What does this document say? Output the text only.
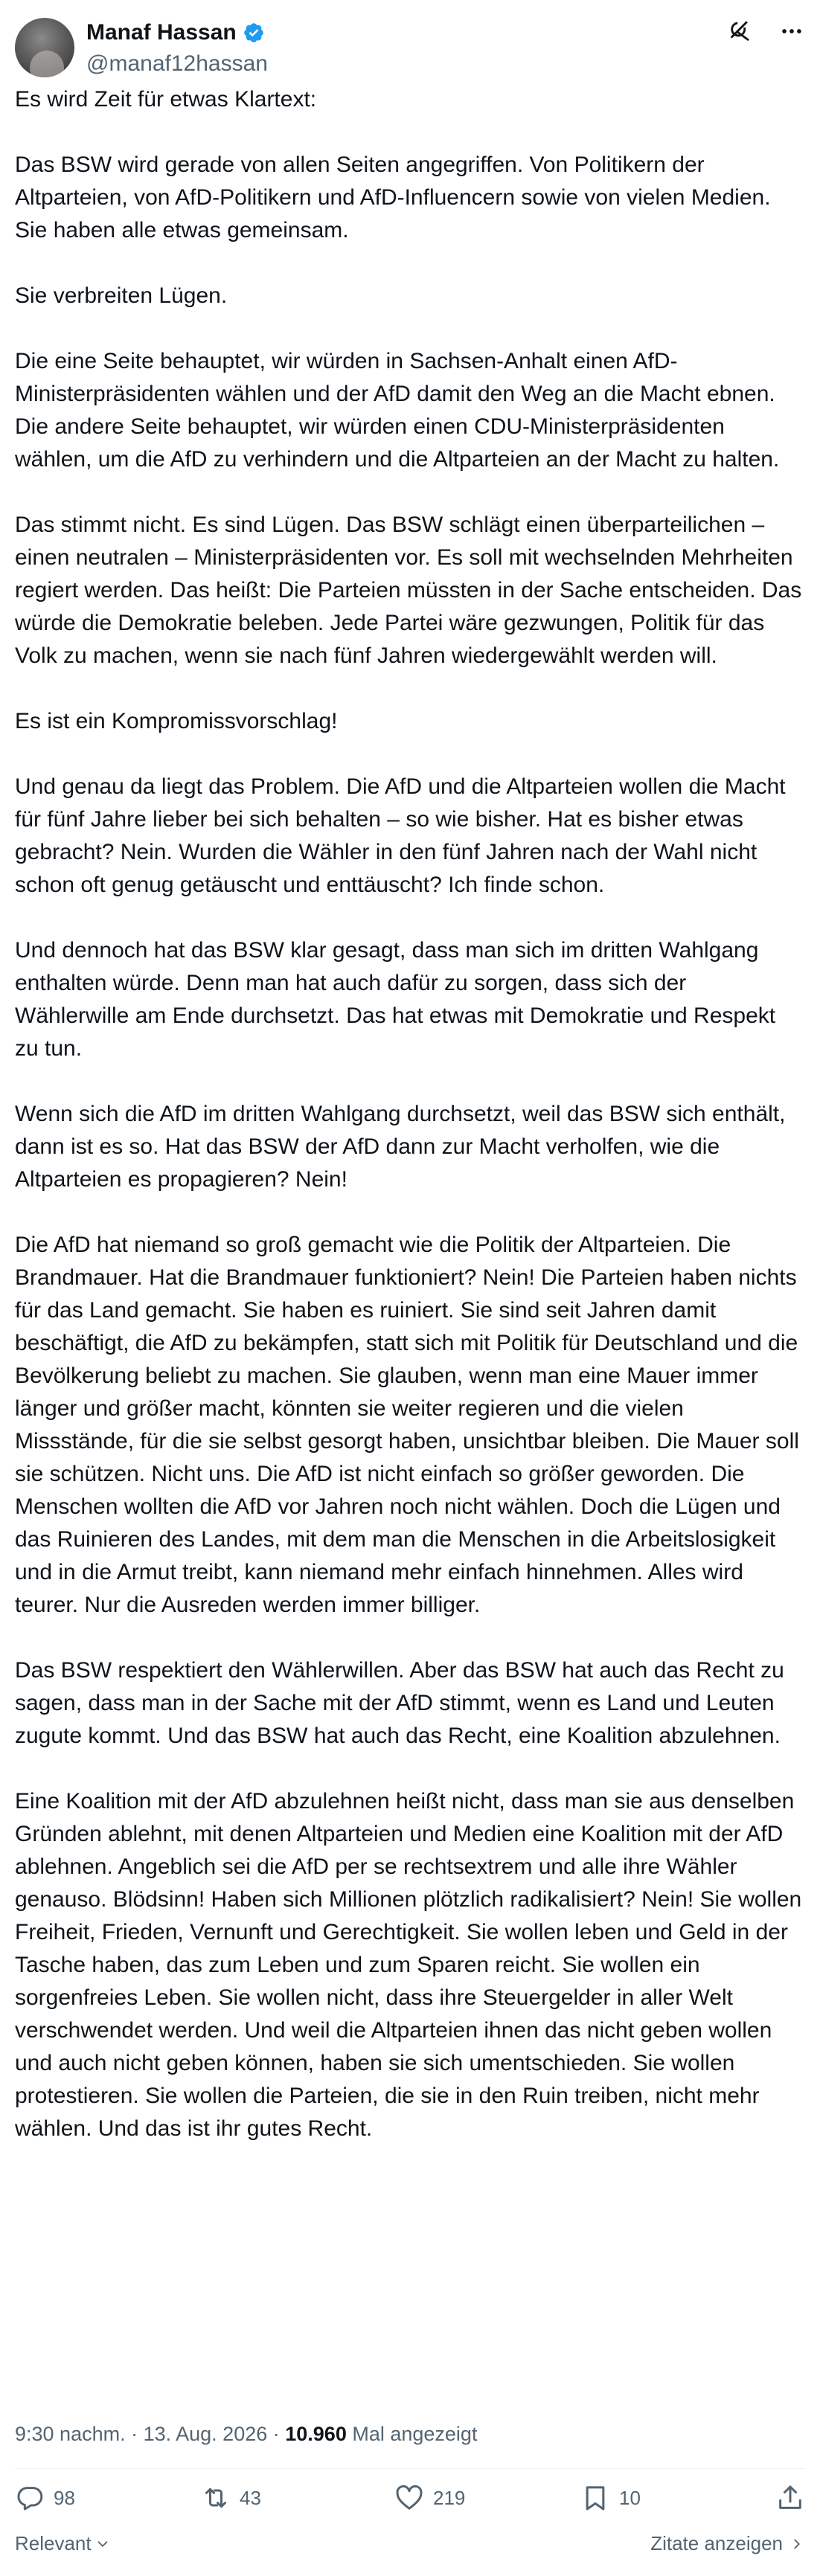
Manaf Hassan
@manaf12hassan

Es wird Zeit für etwas Klartext:

Das BSW wird gerade von allen Seiten angegriffen. Von Politikern der Altparteien, von AfD-Politikern und AfD-Influencern sowie von vielen Medien. Sie haben alle etwas gemeinsam.

Sie verbreiten Lügen.

Die eine Seite behauptet, wir würden in Sachsen-Anhalt einen AfD-Ministerpräsidenten wählen und der AfD damit den Weg an die Macht ebnen. Die andere Seite behauptet, wir würden einen CDU-Ministerpräsidenten wählen, um die AfD zu verhindern und die Altparteien an der Macht zu halten.

Das stimmt nicht. Es sind Lügen. Das BSW schlägt einen überparteilichen – einen neutralen – Ministerpräsidenten vor. Es soll mit wechselnden Mehrheiten regiert werden. Das heißt: Die Parteien müssten in der Sache entscheiden. Das würde die Demokratie beleben. Jede Partei wäre gezwungen, Politik für das Volk zu machen, wenn sie nach fünf Jahren wiedergewählt werden will.

Es ist ein Kompromissvorschlag!

Und genau da liegt das Problem. Die AfD und die Altparteien wollen die Macht für fünf Jahre lieber bei sich behalten – so wie bisher. Hat es bisher etwas gebracht? Nein. Wurden die Wähler in den fünf Jahren nach der Wahl nicht schon oft genug getäuscht und enttäuscht? Ich finde schon.

Und dennoch hat das BSW klar gesagt, dass man sich im dritten Wahlgang enthalten würde. Denn man hat auch dafür zu sorgen, dass sich der Wählerwille am Ende durchsetzt. Das hat etwas mit Demokratie und Respekt zu tun.

Wenn sich die AfD im dritten Wahlgang durchsetzt, weil das BSW sich enthält, dann ist es so. Hat das BSW der AfD dann zur Macht verholfen, wie die Altparteien es propagieren? Nein!

Die AfD hat niemand so groß gemacht wie die Politik der Altparteien. Die Brandmauer. Hat die Brandmauer funktioniert? Nein! Die Parteien haben nichts für das Land gemacht. Sie haben es ruiniert. Sie sind seit Jahren damit beschäftigt, die AfD zu bekämpfen, statt sich mit Politik für Deutschland und die Bevölkerung beliebt zu machen. Sie glauben, wenn man eine Mauer immer länger und größer macht, könnten sie weiter regieren und die vielen Missstände, für die sie selbst gesorgt haben, unsichtbar bleiben. Die Mauer soll sie schützen. Nicht uns. Die AfD ist nicht einfach so größer geworden. Die Menschen wollten die AfD vor Jahren noch nicht wählen. Doch die Lügen und das Ruinieren des Landes, mit dem man die Menschen in die Arbeitslosigkeit und in die Armut treibt, kann niemand mehr einfach hinnehmen. Alles wird teurer. Nur die Ausreden werden immer billiger.

Das BSW respektiert den Wählerwillen. Aber das BSW hat auch das Recht zu sagen, dass man in der Sache mit der AfD stimmt, wenn es Land und Leuten zugute kommt. Und das BSW hat auch das Recht, eine Koalition abzulehnen.

Eine Koalition mit der AfD abzulehnen heißt nicht, dass man sie aus denselben Gründen ablehnt, mit denen Altparteien und Medien eine Koalition mit der AfD ablehnen. Angeblich sei die AfD per se rechtsextrem und alle ihre Wähler genauso. Blödsinn! Haben sich Millionen plötzlich radikalisiert? Nein! Sie wollen Freiheit, Frieden, Vernunft und Gerechtigkeit. Sie wollen leben und Geld in der Tasche haben, das zum Leben und zum Sparen reicht. Sie wollen ein sorgenfreies Leben. Sie wollen nicht, dass ihre Steuergelder in aller Welt verschwendet werden. Und weil die Altparteien ihnen das nicht geben wollen und auch nicht geben können, haben sie sich umentschieden. Sie wollen protestieren. Sie wollen die Parteien, die sie in den Ruin treiben, nicht mehr wählen. Und das ist ihr gutes Recht.

9:30 nachm. · 13. Aug. 2026 · 10.960 Mal angezeigt
98	43	219	10
Relevant	Zitate anzeigen
